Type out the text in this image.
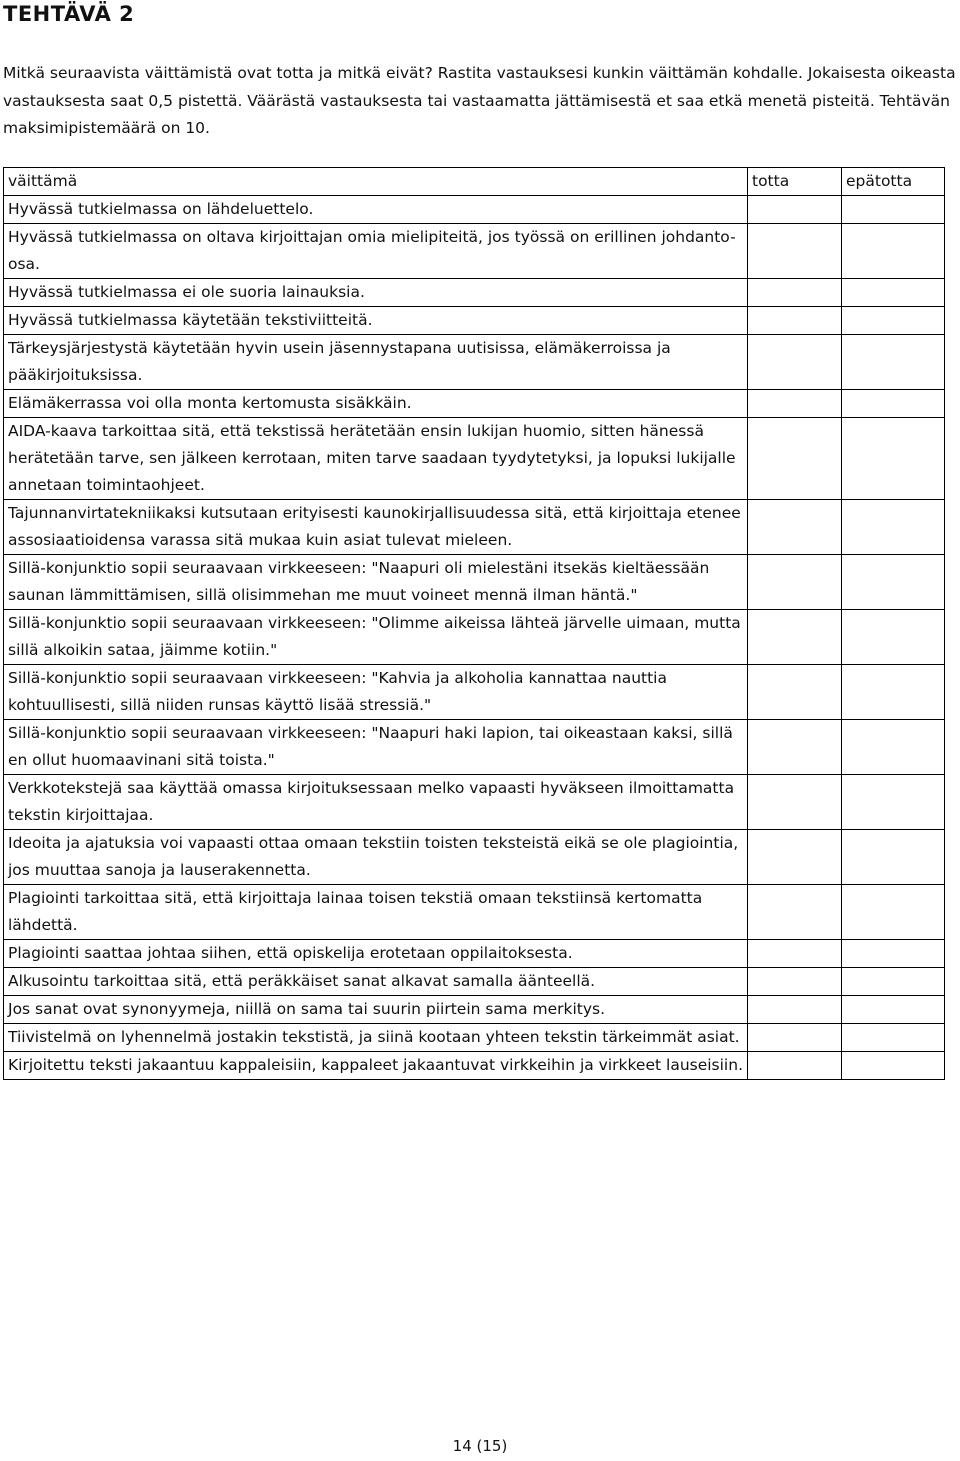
TEHTÄVÄ 2

Mitkä seuraavista väittämistä ovat totta ja mitkä eivät? Rastita vastauksesi kunkin väittämän kohdalle. Jokaisesta oikeasta vastauksesta saat 0,5 pistettä. Väärästä vastauksesta tai vastaamatta jättämisestä et saa etkä menetä pisteitä. Tehtävän maksimipistemäärä on 10.

väittämä	totta	epätotta
Hyvässä tutkielmassa on lähdeluettelo.		
Hyvässä tutkielmassa on oltava kirjoittajan omia mielipiteitä, jos työssä on erillinen johdanto-osa.		
Hyvässä tutkielmassa ei ole suoria lainauksia.		
Hyvässä tutkielmassa käytetään tekstiviitteitä.		
Tärkeysjärjestystä käytetään hyvin usein jäsennystapana uutisissa, elämäkerroissa ja pääkirjoituksissa.		
Elämäkerrassa voi olla monta kertomusta sisäkkäin.		
AIDA-kaava tarkoittaa sitä, että tekstissä herätetään ensin lukijan huomio, sitten hänessä herätetään tarve, sen jälkeen kerrotaan, miten tarve saadaan tyydytetyksi, ja lopuksi lukijalle annetaan toimintaohjeet.		
Tajunnanvirtatekniikaksi kutsutaan erityisesti kaunokirjallisuudessa sitä, että kirjoittaja etenee assosiaatioidensa varassa sitä mukaa kuin asiat tulevat mieleen.		
Sillä-konjunktio sopii seuraavaan virkkeeseen: "Naapuri oli mielestäni itsekäs kieltäessään saunan lämmittämisen, sillä olisimmehan me muut voineet mennä ilman häntä."		
Sillä-konjunktio sopii seuraavaan virkkeeseen: "Olimme aikeissa lähteä järvelle uimaan, mutta sillä alkoikin sataa, jäimme kotiin."		
Sillä-konjunktio sopii seuraavaan virkkeeseen: "Kahvia ja alkoholia kannattaa nauttia kohtuullisesti, sillä niiden runsas käyttö lisää stressiä."		
Sillä-konjunktio sopii seuraavaan virkkeeseen: "Naapuri haki lapion, tai oikeastaan kaksi, sillä en ollut huomaavinani sitä toista."		
Verkkotekstejä saa käyttää omassa kirjoituksessaan melko vapaasti hyväkseen ilmoittamatta tekstin kirjoittajaa.		
Ideoita ja ajatuksia voi vapaasti ottaa omaan tekstiin toisten teksteistä eikä se ole plagiointia, jos muuttaa sanoja ja lauserakennetta.		
Plagiointi tarkoittaa sitä, että kirjoittaja lainaa toisen tekstiä omaan tekstiinsä kertomatta lähdettä.		
Plagiointi saattaa johtaa siihen, että opiskelija erotetaan oppilaitoksesta.		
Alkusointu tarkoittaa sitä, että peräkkäiset sanat alkavat samalla äänteellä.		
Jos sanat ovat synonyymeja, niillä on sama tai suurin piirtein sama merkitys.		
Tiivistelmä on lyhennelmä jostakin tekstistä, ja siinä kootaan yhteen tekstin tärkeimmät asiat.		
Kirjoitettu teksti jakaantuu kappaleisiin, kappaleet jakaantuvat virkkeihin ja virkkeet lauseisiin.		
14 (15)
